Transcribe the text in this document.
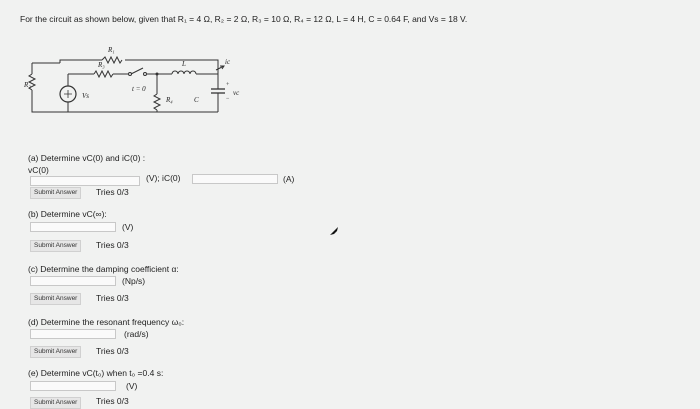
For the circuit as shown below, given that R₁ = 4 Ω, R₂ = 2 Ω, R₃ = 10 Ω, R₄ = 12 Ω, L = 4 H, C = 0.64 F, and Vs = 18 V.
R₁
R₃
R₂
Vs
t = 0
R₄
L
C
ic
vc
+
−
(a) Determine vC(0) and iC(0) :
vC(0)
(V); iC(0)	(A)
Submit Answer	Tries 0/3
(b) Determine vC(∞):
(V)
Submit Answer	Tries 0/3
(c) Determine the damping coefficient α:
(Np/s)
Submit Answer	Tries 0/3
(d) Determine the resonant frequency ω₀:
(rad/s)
Submit Answer	Tries 0/3
(e) Determine vC(t₀) when t₀ =0.4 s:
(V)
Submit Answer	Tries 0/3
